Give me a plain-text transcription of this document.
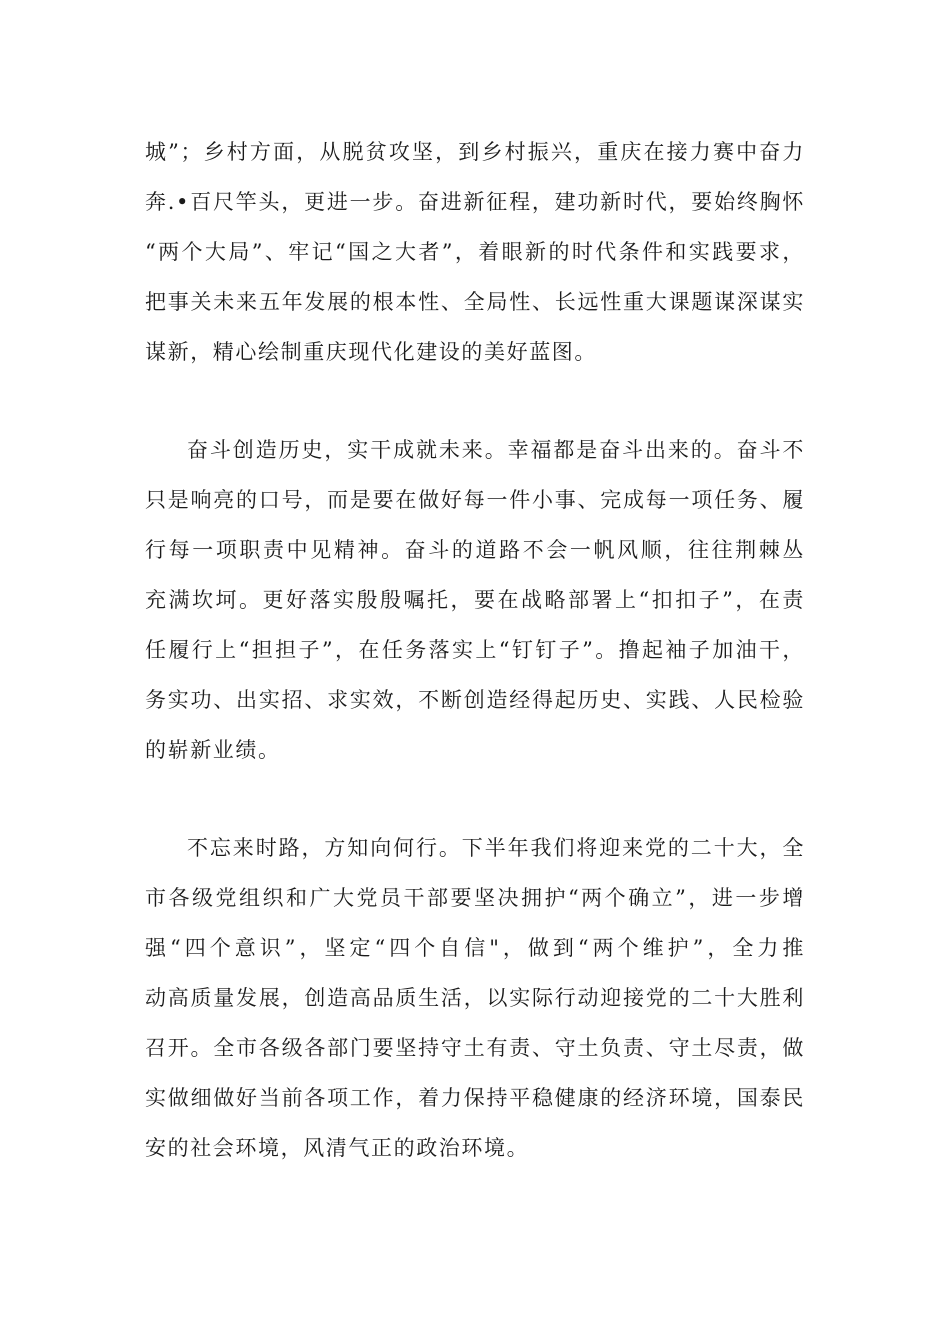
城”；乡村方面，从脱贫攻坚，到乡村振兴，重庆在接力赛中奋力
奔.•百尺竿头，更进一步。奋进新征程，建功新时代，要始终胸怀
“两个大局”、牢记“国之大者”，着眼新的时代条件和实践要求，
把事关未来五年发展的根本性、全局性、长远性重大课题谋深谋实
谋新，精心绘制重庆现代化建设的美好蓝图。
奋斗创造历史，实干成就未来。幸福都是奋斗出来的。奋斗不
只是响亮的口号，而是要在做好每一件小事、完成每一项任务、履
行每一项职责中见精神。奋斗的道路不会一帆风顺，往往荆棘丛
充满坎坷。更好落实殷殷嘱托，要在战略部署上“扣扣子”，在责
任履行上“担担子”，在任务落实上“钉钉子”。撸起袖子加油干，
务实功、出实招、求实效，不断创造经得起历史、实践、人民检验
的崭新业绩。
不忘来时路，方知向何行。下半年我们将迎来党的二十大，全
市各级党组织和广大党员干部要坚决拥护“两个确立”，进一步增
强“四个意识”，坚定“四个自信"，做到“两个维护”，全力推
动高质量发展，创造高品质生活，以实际行动迎接党的二十大胜利
召开。全市各级各部门要坚持守土有责、守土负责、守土尽责，做
实做细做好当前各项工作，着力保持平稳健康的经济环境，国泰民
安的社会环境，风清气正的政治环境。
